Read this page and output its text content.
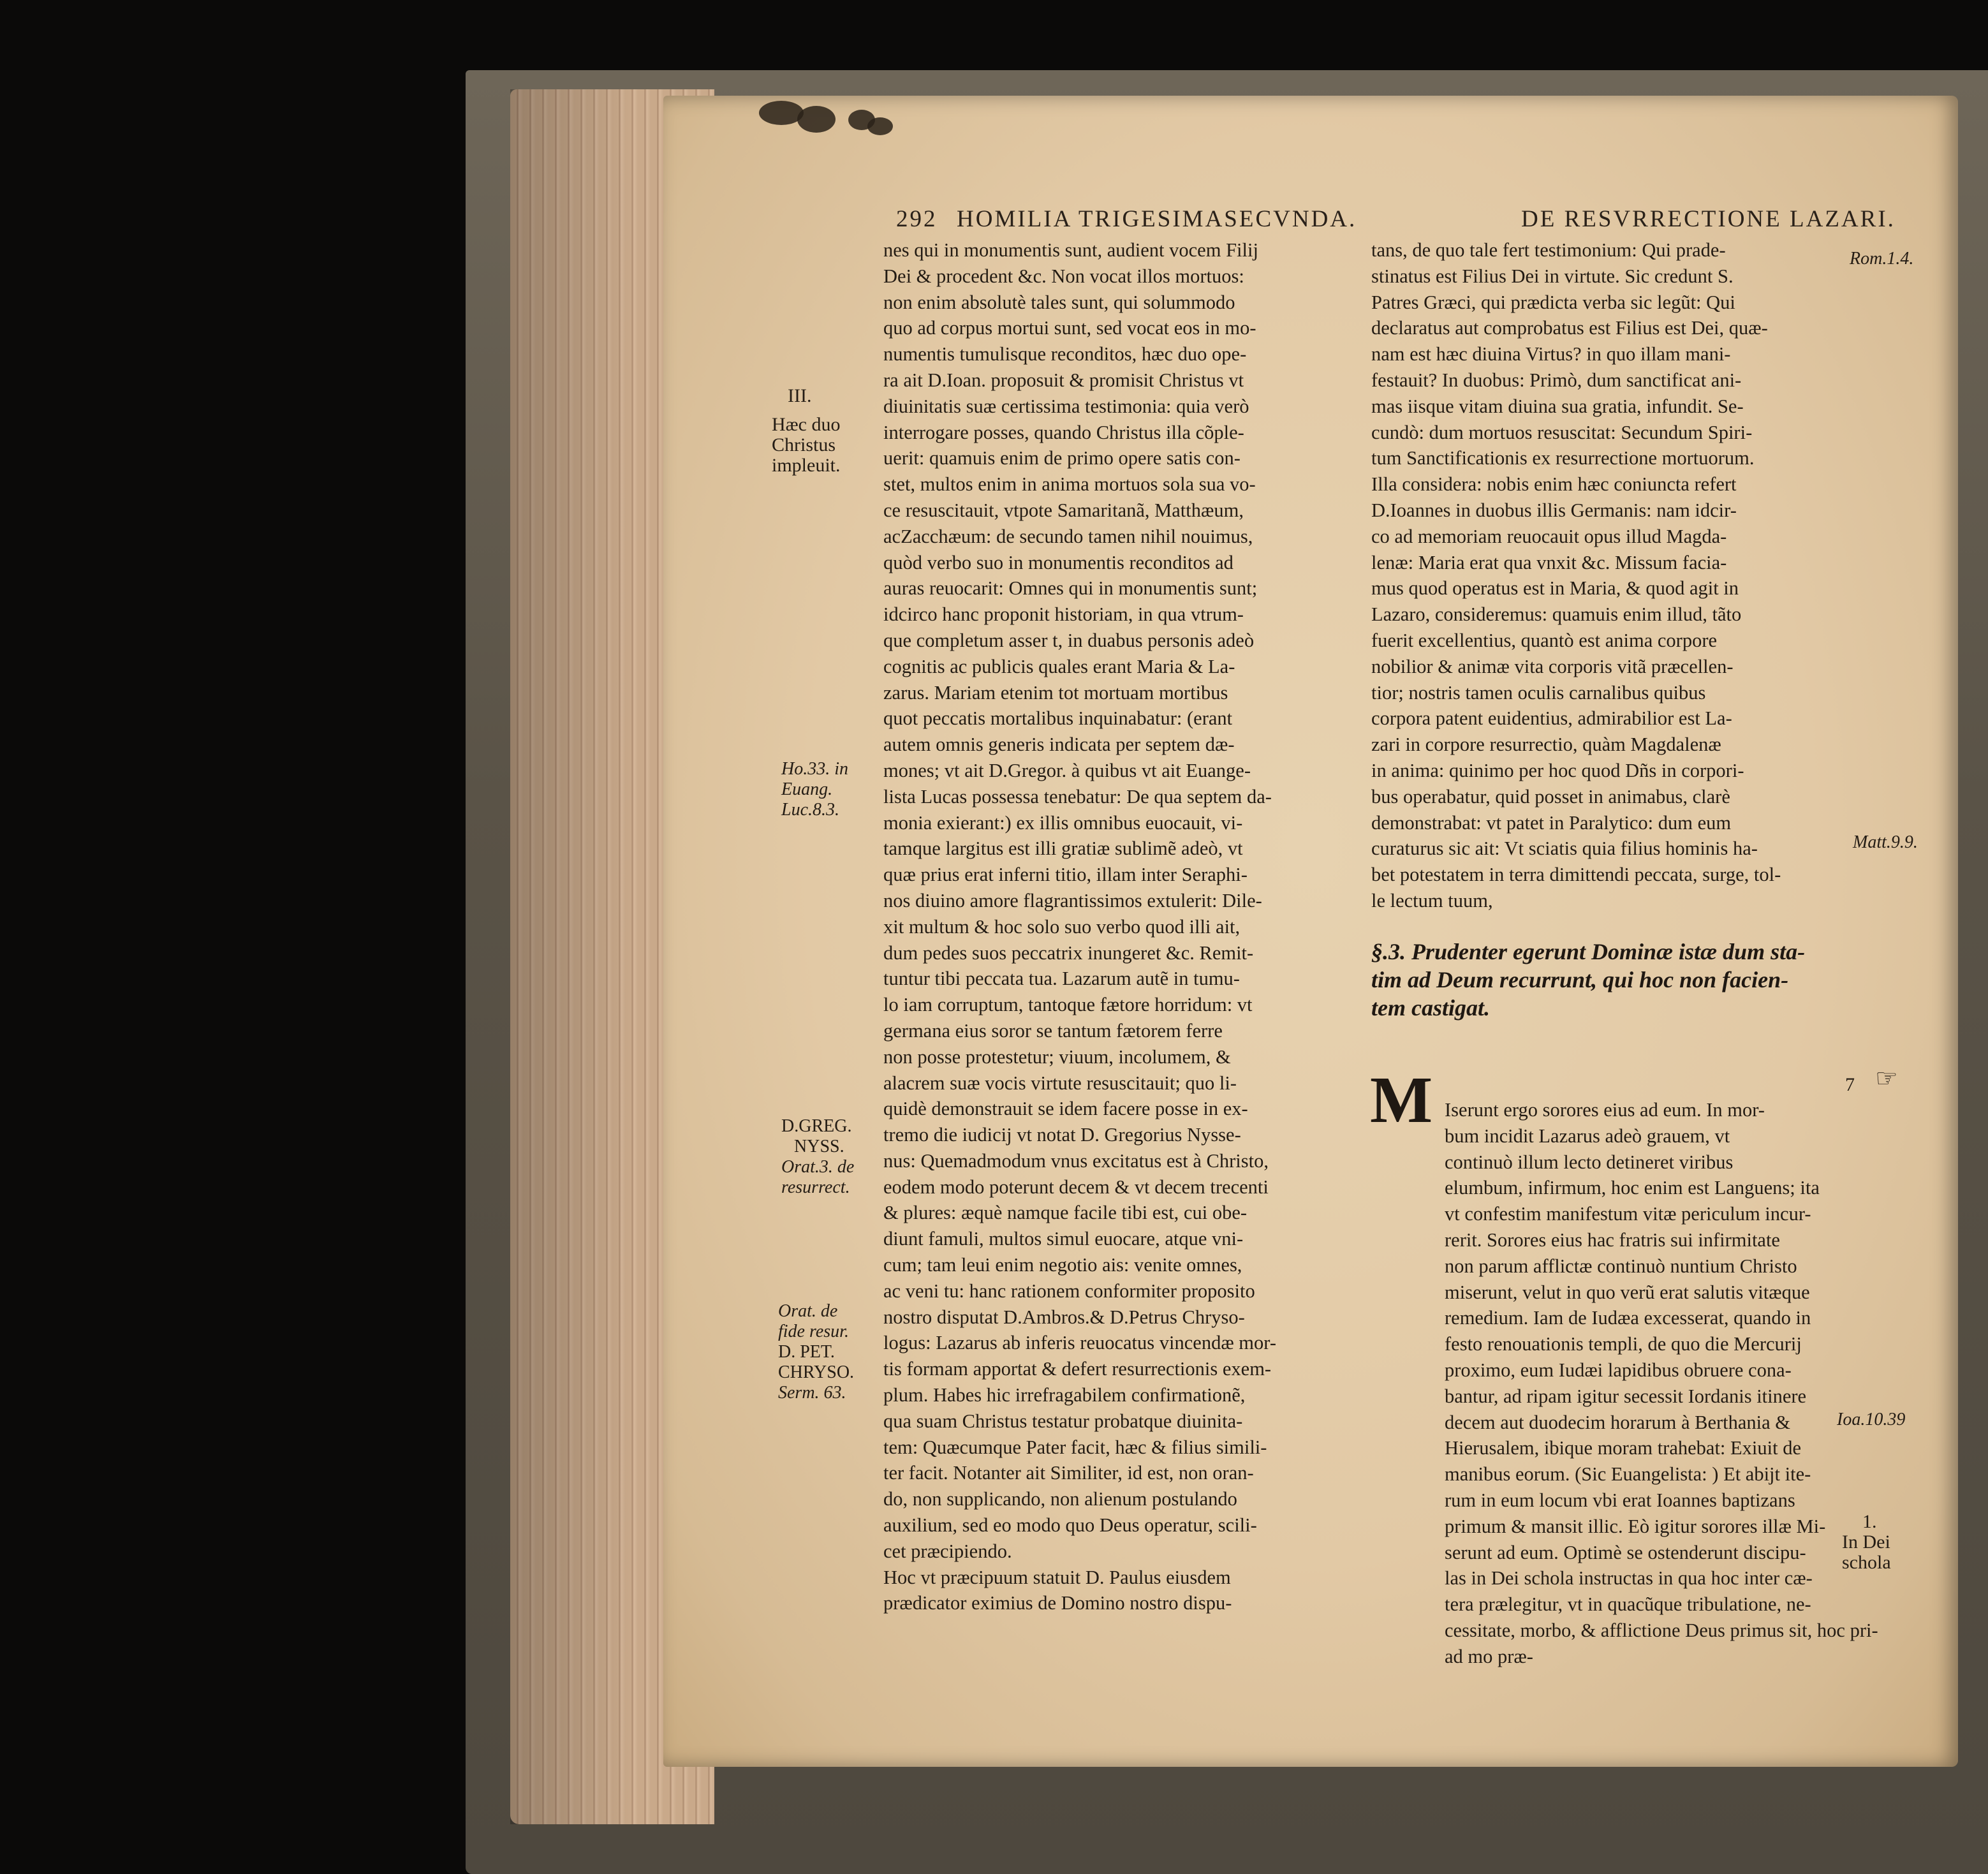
292 HOMILIA TRIGESIMASECVNDA.	DE RESVRRECTIONE LAZARI.
nes qui in monumentis sunt, audient vocem Filij
Dei & procedent &c. Non vocat illos mortuos:
non enim absolutè tales sunt, qui solummodo
quo ad corpus mortui sunt, sed vocat eos in mo-
numentis tumulisque reconditos, hæc duo ope-
ra ait D.Ioan. proposuit & promisit Christus vt
diuinitatis suæ certissima testimonia: quia verò
interrogare posses, quando Christus illa cõple-
uerit: quamuis enim de primo opere satis con-
stet, multos enim in anima mortuos sola sua vo-
ce resuscitauit, vtpote Samaritanã, Matthæum,
acZacchæum: de secundo tamen nihil nouimus,
quòd verbo suo in monumentis reconditos ad
auras reuocarit: Omnes qui in monumentis sunt;
idcirco hanc proponit historiam, in qua vtrum-
que completum asser t, in duabus personis adeò
cognitis ac publicis quales erant Maria & La-
zarus. Mariam etenim tot mortuam mortibus
quot peccatis mortalibus inquinabatur: (erant
autem omnis generis indicata per septem dæ-
mones; vt ait D.Gregor. à quibus vt ait Euange-
lista Lucas possessa tenebatur: De qua septem da-
monia exierant:) ex illis omnibus euocauit, vi-
tamque largitus est illi gratiæ sublimẽ adeò, vt
quæ prius erat inferni titio, illam inter Seraphi-
nos diuino amore flagrantissimos extulerit: Dile-
xit multum & hoc solo suo verbo quod illi ait,
dum pedes suos peccatrix inungeret &c. Remit-
tuntur tibi peccata tua. Lazarum autẽ in tumu-
lo iam corruptum, tantoque fætore horridum: vt
germana eius soror se tantum fætorem ferre
non posse protestetur; viuum, incolumem, &
alacrem suæ vocis virtute resuscitauit; quo li-
quidè demonstrauit se idem facere posse in ex-
tremo die iudicij vt notat D. Gregorius Nysse-
nus: Quemadmodum vnus excitatus est à Christo,
eodem modo poterunt decem & vt decem trecenti
& plures: æquè namque facile tibi est, cui obe-
diunt famuli, multos simul euocare, atque vni-
cum; tam leui enim negotio ais: venite omnes,
ac veni tu: hanc rationem conformiter proposito
nostro disputat D.Ambros.& D.Petrus Chryso-
logus: Lazarus ab inferis reuocatus vincendæ mor-
tis formam apportat & defert resurrectionis exem-
plum. Habes hic irrefragabilem confirmationẽ,
qua suam Christus testatur probatque diuinita-
tem: Quæcumque Pater facit, hæc & filius simili-
ter facit. Notanter ait Similiter, id est, non oran-
do, non supplicando, non alienum postulando
auxilium, sed eo modo quo Deus operatur, scili-
cet præcipiendo.
Hoc vt præcipuum statuit D. Paulus eiusdem
prædicator eximius de Domino nostro dispu-
tans, de quo tale fert testimonium: Qui prade-
stinatus est Filius Dei in virtute. Sic credunt S.
Patres Græci, qui prædicta verba sic legũt: Qui
declaratus aut comprobatus est Filius est Dei, quæ-
nam est hæc diuina Virtus? in quo illam mani-
festauit? In duobus: Primò, dum sanctificat ani-
mas iisque vitam diuina sua gratia, infundit. Se-
cundò: dum mortuos resuscitat: Secundum Spiri-
tum Sanctificationis ex resurrectione mortuorum.
Illa considera: nobis enim hæc coniuncta refert
D.Ioannes in duobus illis Germanis: nam idcir-
co ad memoriam reuocauit opus illud Magda-
lenæ: Maria erat qua vnxit &c. Missum facia-
mus quod operatus est in Maria, & quod agit in
Lazaro, consideremus: quamuis enim illud, tãto
fuerit excellentius, quantò est anima corpore
nobilior & animæ vita corporis vitã præcellen-
tior; nostris tamen oculis carnalibus quibus
corpora patent euidentius, admirabilior est La-
zari in corpore resurrectio, quàm Magdalenæ
in anima: quinimo per hoc quod Dñs in corpori-
bus operabatur, quid posset in animabus, clarè
demonstrabat: vt patet in Paralytico: dum eum
curaturus sic ait: Vt sciatis quia filius hominis ha-
bet potestatem in terra dimittendi peccata, surge, tol-
le lectum tuum,
§.3. Prudenter egerunt Dominæ istæ dum sta-
tim ad Deum recurrunt, qui hoc non facien-
tem castigat.
M Iserunt ergo sorores eius ad eum. In mor-
bum incidit Lazarus adeò grauem, vt
continuò illum lecto detineret viribus
elumbum, infirmum, hoc enim est Languens; ita
vt confestim manifestum vitæ periculum incur-
rerit. Sorores eius hac fratris sui infirmitate
non parum afflictæ continuò nuntium Christo
miserunt, velut in quo verũ erat salutis vitæque
remedium. Iam de Iudæa excesserat, quando in
festo renouationis templi, de quo die Mercurij
proximo, eum Iudæi lapidibus obruere cona-
bantur, ad ripam igitur secessit Iordanis itinere
decem aut duodecim horarum à Berthania &
Hierusalem, ibique moram trahebat: Exiuit de
manibus eorum. (Sic Euangelista: ) Et abijt ite-
rum in eum locum vbi erat Ioannes baptizans
primum & mansit illic. Eò igitur sorores illæ Mi-
serunt ad eum. Optimè se ostenderunt discipu-
las in Dei schola instructas in qua hoc inter cæ-
tera prælegitur, vt in quacũque tribulatione, ne-
cessitate, morbo, & afflictione Deus primus sit, hoc pri-
ad mo præ-
III.
Hæc duo
Christus
impleuit.
Ho.33. in
Euang.
Luc.8.3.
D.GREG.
NYSS.
Orat.3. de
resurrect.
Orat. de
fide resur.
D. PET.
CHRYSO.
Serm. 63.
Rom.1.4.
Matt.9.9.
7 ☞
Ioa.10.39
1.
In Dei
schola
